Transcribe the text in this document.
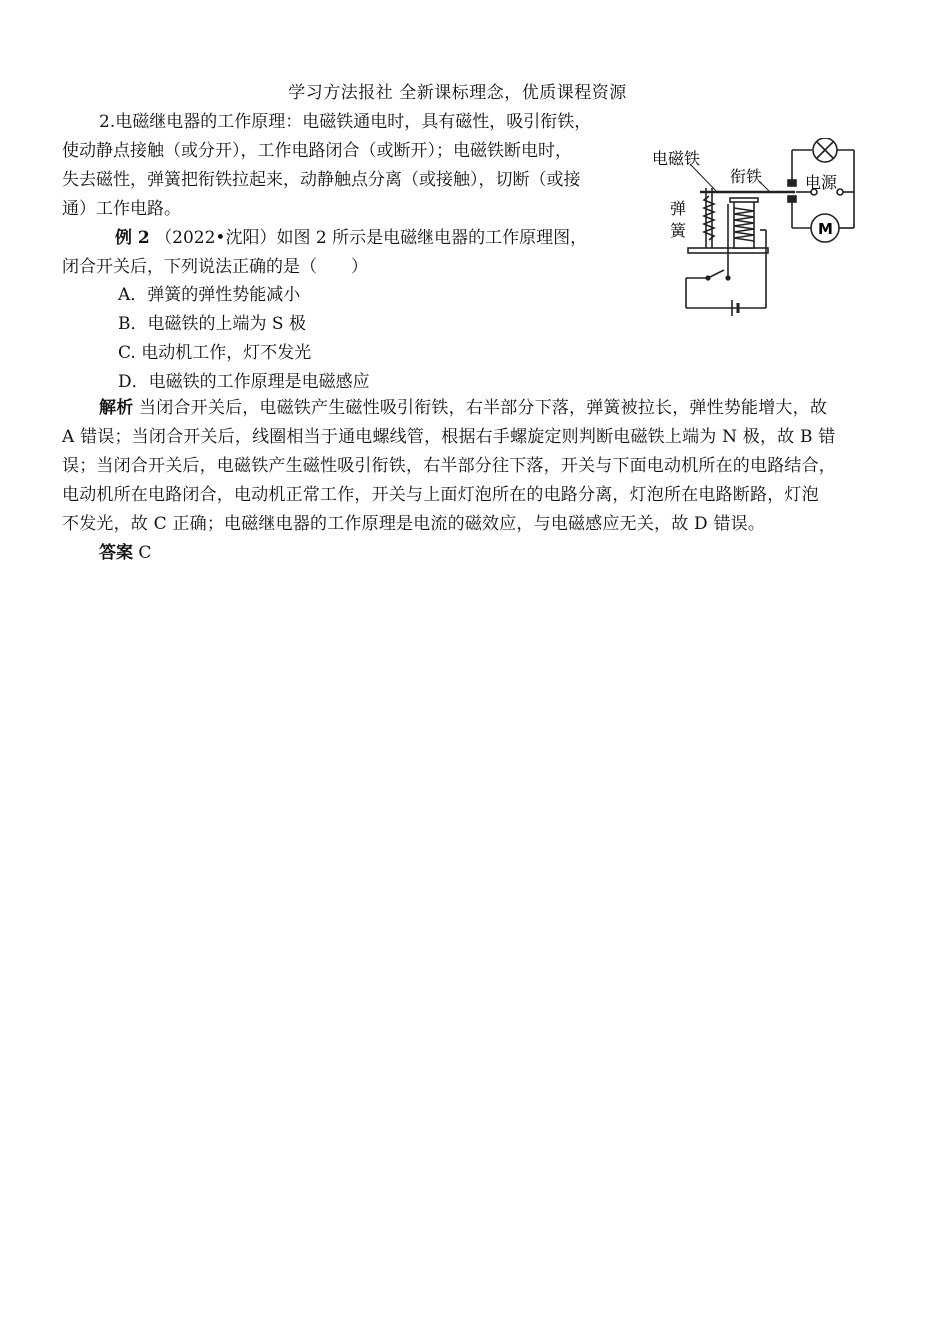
学习方法报社 全新课标理念，优质课程资源
2.电磁继电器的工作原理：电磁铁通电时，具有磁性，吸引衔铁，
使动静点接触（或分开），工作电路闭合（或断开）；电磁铁断电时，
失去磁性，弹簧把衔铁拉起来，动静触点分离（或接触），切断（或接
通）工作电路。
例 2 （2022•沈阳）如图 2 所示是电磁继电器的工作原理图，
闭合开关后，下列说法正确的是（　　）
A．弹簧的弹性势能减小
B．电磁铁的上端为 S 极
C. 电动机工作，灯不发光
D．电磁铁的工作原理是电磁感应
电磁铁
衔铁	电源
弹
簧	M
解析 当闭合开关后，电磁铁产生磁性吸引衔铁，右半部分下落，弹簧被拉长，弹性势能增大，故
A 错误；当闭合开关后，线圈相当于通电螺线管，根据右手螺旋定则判断电磁铁上端为 N 极，故 B 错
误；当闭合开关后，电磁铁产生磁性吸引衔铁，右半部分往下落，开关与下面电动机所在的电路结合，
电动机所在电路闭合，电动机正常工作，开关与上面灯泡所在的电路分离，灯泡所在电路断路，灯泡
不发光，故 C 正确；电磁继电器的工作原理是电流的磁效应，与电磁感应无关，故 D 错误。
答案 C
